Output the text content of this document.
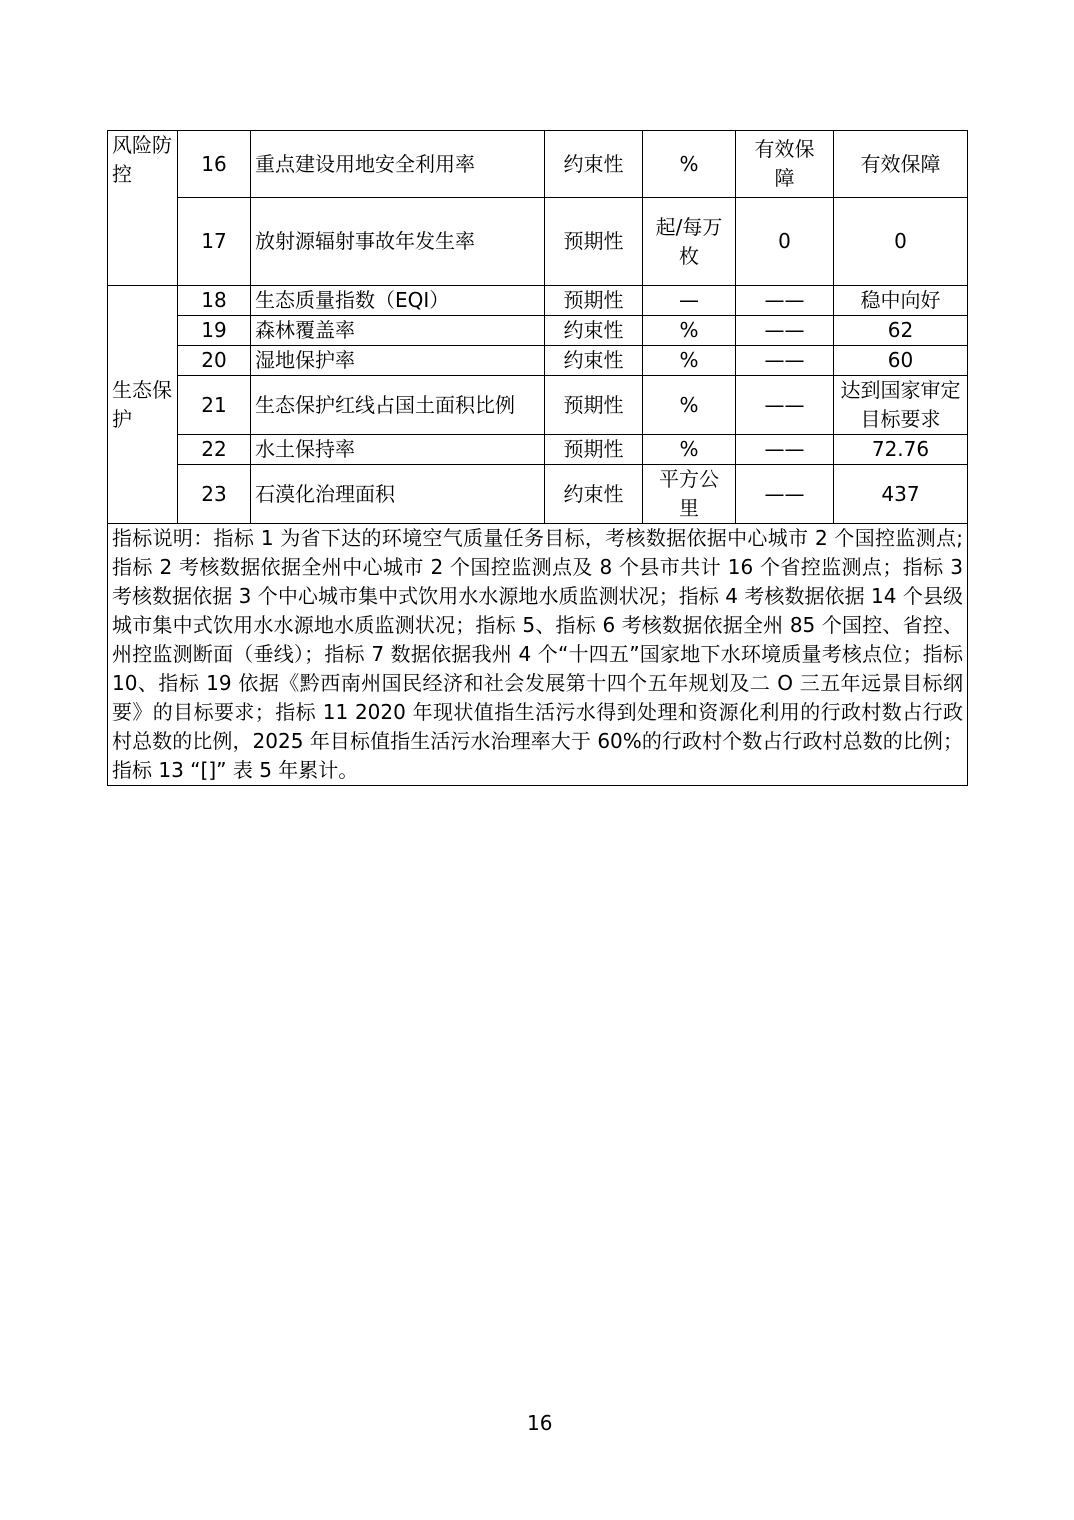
风险防控	16	重点建设用地安全利用率	约束性	%	有效保障	有效保障
	17	放射源辐射事故年发生率	预期性	起/每万枚	0	0
生态保护	18	生态质量指数（EQI）	预期性	—	——	稳中向好
	19	森林覆盖率	约束性	%	——	62
	20	湿地保护率	约束性	%	——	60
	21	生态保护红线占国土面积比例	预期性	%	——	达到国家审定目标要求
	22	水土保持率	预期性	%	——	72.76
	23	石漠化治理面积	约束性	平方公里	——	437
指标说明：指标 1 为省下达的环境空气质量任务目标，考核数据依据中心城市 2 个国控监测点;指标 2 考核数据依据全州中心城市 2 个国控监测点及 8 个县市共计 16 个省控监测点；指标 3 考核数据依据 3 个中心城市集中式饮用水水源地水质监测状况；指标 4 考核数据依据 14 个县级城市集中式饮用水水源地水质监测状况；指标 5、指标 6 考核数据依据全州 85 个国控、省控、州控监测断面（垂线）；指标 7 数据依据我州 4 个“十四五”国家地下水环境质量考核点位；指标 10、指标 19 依据《黔西南州国民经济和社会发展第十四个五年规划及二 O 三五年远景目标纲要》的目标要求；指标 11 2020 年现状值指生活污水得到处理和资源化利用的行政村数占行政村总数的比例，2025 年目标值指生活污水治理率大于 60%的行政村个数占行政村总数的比例；指标 13 “[]” 表 5 年累计。						
16
